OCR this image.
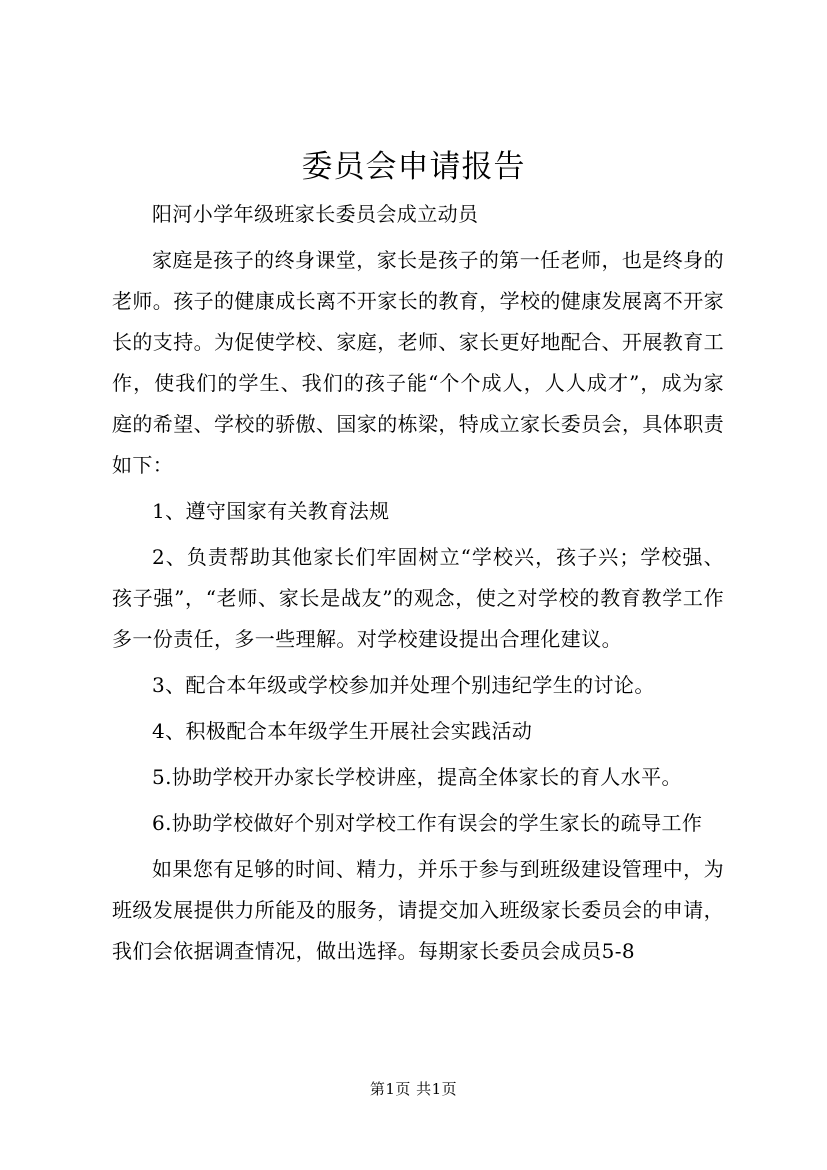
委员会申请报告

阳河小学年级班家长委员会成立动员

家庭是孩子的终身课堂，家长是孩子的第一任老师，也是终身的老师。孩子的健康成长离不开家长的教育，学校的健康发展离不开家长的支持。为促使学校、家庭，老师、家长更好地配合、开展教育工作，使我们的学生、我们的孩子能“个个成人，人人成才”，成为家庭的希望、学校的骄傲、国家的栋梁，特成立家长委员会，具体职责如下：

1、遵守国家有关教育法规

2、负责帮助其他家长们牢固树立“学校兴，孩子兴；学校强、孩子强”，“老师、家长是战友”的观念，使之对学校的教育教学工作多一份责任，多一些理解。对学校建设提出合理化建议。

3、配合本年级或学校参加并处理个别违纪学生的讨论。

4、积极配合本年级学生开展社会实践活动

5.协助学校开办家长学校讲座，提高全体家长的育人水平。

6.协助学校做好个别对学校工作有误会的学生家长的疏导工作

如果您有足够的时间、精力，并乐于参与到班级建设管理中，为班级发展提供力所能及的服务，请提交加入班级家长委员会的申请，我们会依据调查情况，做出选择。每期家长委员会成员5-8

第1页 共1页
